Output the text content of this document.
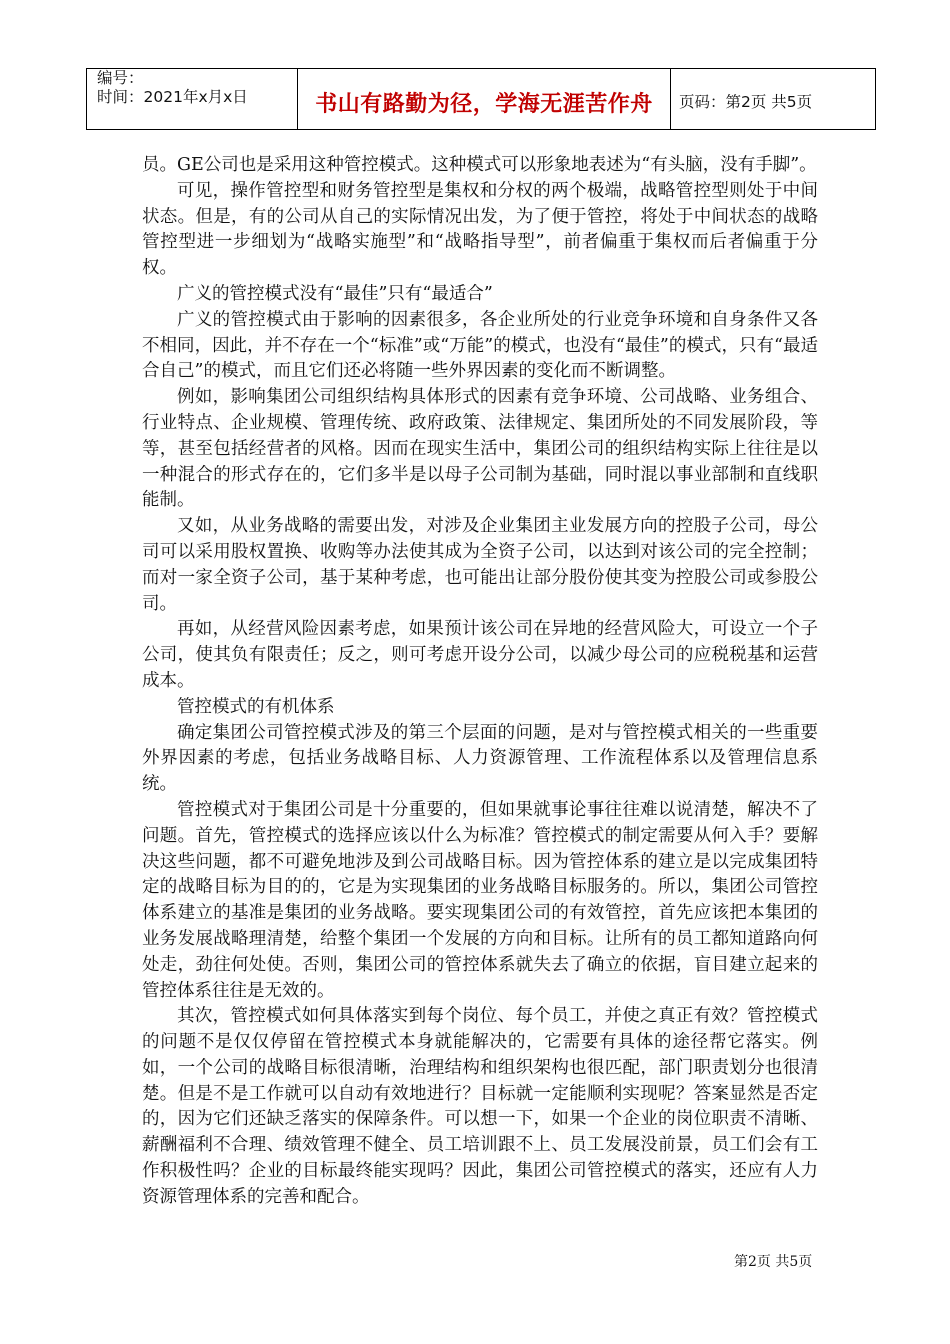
编号：
时间：2021年x月x日	书山有路勤为径，学海无涯苦作舟	页码：第2页 共5页

员。GE公司也是采用这种管控模式。这种模式可以形象地表述为“有头脑，没有手脚”。

可见，操作管控型和财务管控型是集权和分权的两个极端，战略管控型则处于中间状态。但是，有的公司从自己的实际情况出发，为了便于管控，将处于中间状态的战略管控型进一步细划为“战略实施型”和“战略指导型”，前者偏重于集权而后者偏重于分权。

广义的管控模式没有“最佳”只有“最适合”

广义的管控模式由于影响的因素很多，各企业所处的行业竞争环境和自身条件又各不相同，因此，并不存在一个“标准”或“万能”的模式，也没有“最佳”的模式，只有“最适合自己”的模式，而且它们还必将随一些外界因素的变化而不断调整。

例如，影响集团公司组织结构具体形式的因素有竞争环境、公司战略、业务组合、行业特点、企业规模、管理传统、政府政策、法律规定、集团所处的不同发展阶段，等等，甚至包括经营者的风格。因而在现实生活中，集团公司的组织结构实际上往往是以一种混合的形式存在的，它们多半是以母子公司制为基础，同时混以事业部制和直线职能制。

又如，从业务战略的需要出发，对涉及企业集团主业发展方向的控股子公司，母公司可以采用股权置换、收购等办法使其成为全资子公司，以达到对该公司的完全控制；而对一家全资子公司，基于某种考虑，也可能出让部分股份使其变为控股公司或参股公司。

再如，从经营风险因素考虑，如果预计该公司在异地的经营风险大，可设立一个子公司，使其负有限责任；反之，则可考虑开设分公司，以减少母公司的应税税基和运营成本。

管控模式的有机体系

确定集团公司管控模式涉及的第三个层面的问题，是对与管控模式相关的一些重要外界因素的考虑，包括业务战略目标、人力资源管理、工作流程体系以及管理信息系统。

管控模式对于集团公司是十分重要的，但如果就事论事往往难以说清楚，解决不了问题。首先，管控模式的选择应该以什么为标准？管控模式的制定需要从何入手？要解决这些问题，都不可避免地涉及到公司战略目标。因为管控体系的建立是以完成集团特定的战略目标为目的的，它是为实现集团的业务战略目标服务的。所以，集团公司管控体系建立的基准是集团的业务战略。要实现集团公司的有效管控，首先应该把本集团的业务发展战略理清楚，给整个集团一个发展的方向和目标。让所有的员工都知道路向何处走，劲往何处使。否则，集团公司的管控体系就失去了确立的依据，盲目建立起来的管控体系往往是无效的。

其次，管控模式如何具体落实到每个岗位、每个员工，并使之真正有效？管控模式的问题不是仅仅停留在管控模式本身就能解决的，它需要有具体的途径帮它落实。例如，一个公司的战略目标很清晰，治理结构和组织架构也很匹配，部门职责划分也很清楚。但是不是工作就可以自动有效地进行？目标就一定能顺利实现呢？答案显然是否定的，因为它们还缺乏落实的保障条件。可以想一下，如果一个企业的岗位职责不清晰、薪酬福利不合理、绩效管理不健全、员工培训跟不上、员工发展没前景，员工们会有工作积极性吗？企业的目标最终能实现吗？因此，集团公司管控模式的落实，还应有人力资源管理体系的完善和配合。

第2页 共5页
